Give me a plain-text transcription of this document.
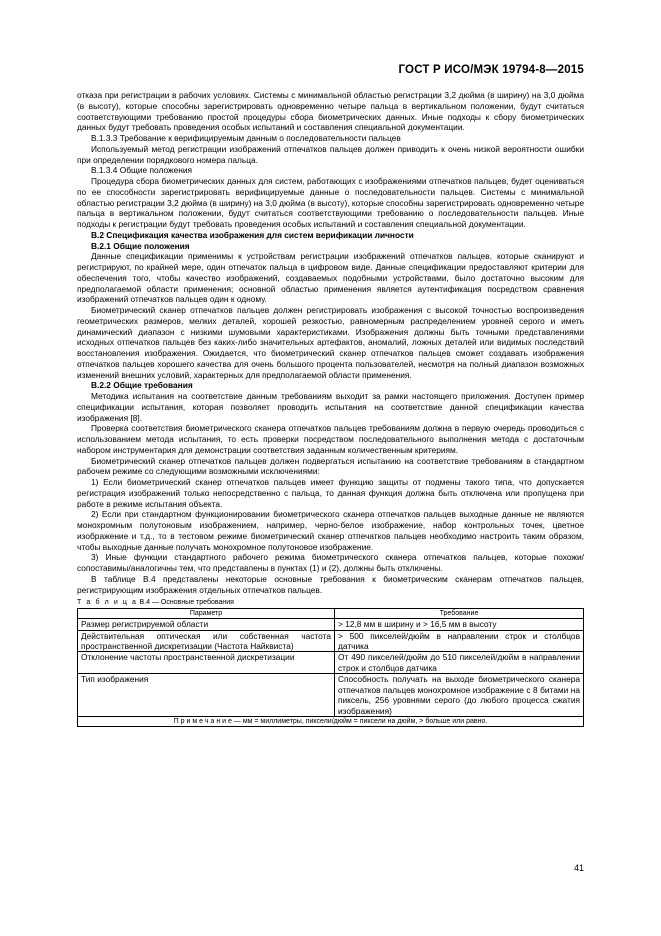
ГОСТ Р ИСО/МЭК 19794-8—2015

отказа при регистрации в рабочих условиях. Системы с минимальной областью регистрации 3,2 дюйма (в ширину) на 3,0 дюйма (в высоту), которые способны зарегистрировать одновременно четыре пальца в вертикальном положении, будут считаться соответствующими требованию простой процедуры сбора биометрических данных. Иные подходы к сбору биометрических данных будут требовать проведения особых испытаний и составления специальной документации.

В.1.3.3 Требование к верифицируемым данным о последовательности пальцев

Используемый метод регистрации изображений отпечатков пальцев должен приводить к очень низкой вероятности ошибки при определении порядкового номера пальца.

В.1.3.4 Общие положения

Процедура сбора биометрических данных для систем, работающих с изображениями отпечатков пальцев, будет оцениваться по ее способности зарегистрировать верифицируемые данные о последовательности пальцев. Системы с минимальной областью регистрации 3,2 дюйма (в ширину) на 3,0 дюйма (в высоту), которые способны зарегистрировать одновременно четыре пальца в вертикальном положении, будут считаться соответствующими требованию о последовательности пальцев. Иные подходы к регистрации будут требовать проведения особых испытаний и составления специальной документации.

В.2 Спецификация качества изображения для систем верификации личности

В.2.1 Общие положения

Данные спецификации применимы к устройствам регистрации изображений отпечатков пальцев, которые сканируют и регистрируют, по крайней мере, один отпечаток пальца в цифровом виде. Данные спецификации предоставляют критерии для обеспечения того, чтобы качество изображений, создаваемых подобными устройствами, было достаточно высоким для предполагаемой области применения; основной областью применения является аутентификация посредством сравнения изображений отпечатков пальцев один к одному.

Биометрический сканер отпечатков пальцев должен регистрировать изображения с высокой точностью воспроизведения геометрических размеров, мелких деталей, хорошей резкостью, равномерным распределением уровней серого и иметь динамический диапазон с низкими шумовыми характеристиками. Изображения должны быть точными представлениями исходных отпечатков пальцев без каких-либо значительных артефактов, аномалий, ложных деталей или видимых последствий восстановления изображения. Ожидается, что биометрический сканер отпечатков пальцев сможет создавать изображения отпечатков пальцев хорошего качества для очень большого процента пользователей, несмотря на полный диапазон возможных изменений внешних условий, характерных для предполагаемой области применения.

В.2.2 Общие требования

Методика испытания на соответствие данным требованиям выходит за рамки настоящего приложения. Доступен пример спецификации испытания, которая позволяет проводить испытания на соответствие данной спецификации качества изображения [8].

Проверка соответствия биометрического сканера отпечатков пальцев требованиям должна в первую очередь проводиться с использованием метода испытания, то есть проверки посредством последовательного выполнения метода с достаточным набором инструментария для демонстрации соответствия заданным количественным критериям.

Биометрический сканер отпечатков пальцев должен подвергаться испытанию на соответствие требованиям в стандартном рабочем режиме со следующими возможными исключениями:

1) Если биометрический сканер отпечатков пальцев имеет функцию защиты от подмены такого типа, что допускается регистрация изображений только непосредственно с пальца, то данная функция должна быть отключена или пропущена при работе в режиме испытания объекта.

2) Если при стандартном функционировании биометрического сканера отпечатков пальцев выходные данные не являются монохромным полутоновым изображением, например, черно-белое изображение, набор контрольных точек, цветное изображение и т.д., то в тестовом режиме биометрический сканер отпечатков пальцев необходимо настроить таким образом, чтобы выходные данные получать монохромное полутоновое изображение.

3) Иные функции стандартного рабочего режима биометрического сканера отпечатков пальцев, которые похожи/сопоставимы/аналогичны тем, что представлены в пунктах (1) и (2), должны быть отключены.

В таблице В.4 представлены некоторые основные требования к биометрическим сканерам отпечатков пальцев, регистрирующим изображения отдельных отпечатков пальцев.

Т а б л и ц а В.4 — Основные требования
Параметр	Требование
Размер регистрируемой области	> 12,8 мм в ширину и > 16,5 мм в высоту
Действительная оптическая или собственная частота пространственной дискретизации (Частота Найквиста)	> 500 пикселей/дюйм в направлении строк и столбцов датчика
Отклонение частоты пространственной дискретизации	От 490 пикселей/дюйм до 510 пикселей/дюйм в направлении строк и столбцов датчика
Тип изображения	Способность получать на выходе биометрического сканера отпечатков пальцев монохромное изображение с 8 битами на пиксель, 256 уровнями серого (до любого процесса сжатия изображения)
П р и м е ч а н и е — мм = миллиметры, пиксели/дюйм = пиксели на дюйм, > больше или равно.	
41
